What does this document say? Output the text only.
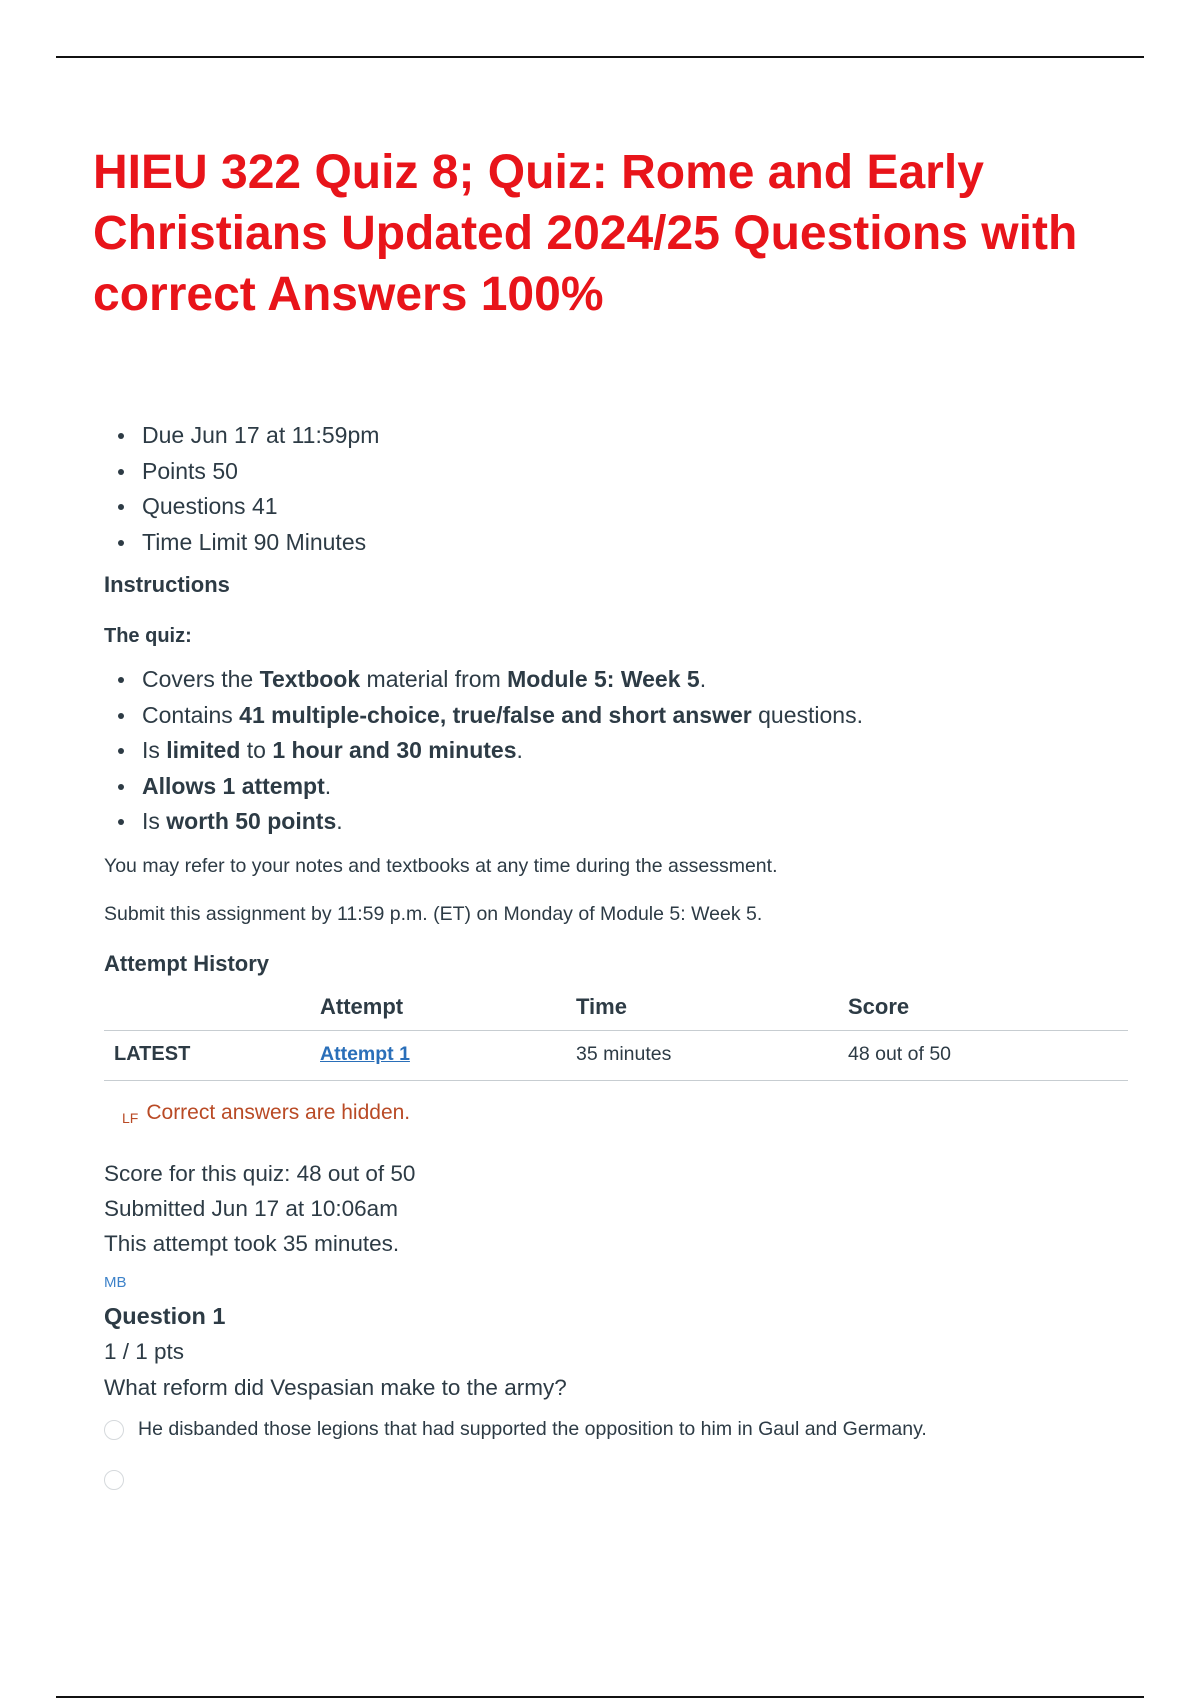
HIEU 322 Quiz 8; Quiz: Rome and Early Christians Updated 2024/25 Questions with correct Answers 100%
Due Jun 17 at 11:59pm
Points 50
Questions 41
Time Limit 90 Minutes
Instructions
The quiz:
Covers the Textbook material from Module 5: Week 5.
Contains 41 multiple-choice, true/false and short answer questions.
Is limited to 1 hour and 30 minutes.
Allows 1 attempt.
Is worth 50 points.

You may refer to your notes and textbooks at any time during the assessment.

Submit this assignment by 11:59 p.m. (ET) on Monday of Module 5: Week 5.

Attempt History
	Attempt	Time	Score
LATEST	Attempt 1	35 minutes	48 out of 50
LF Correct answers are hidden.
Score for this quiz: 48 out of 50 Submitted Jun 17 at 10:06am This attempt took 35 minutes.
MB
Question 1
1 / 1 pts
What reform did Vespasian make to the army?
He disbanded those legions that had supported the opposition to him in Gaul and Germany.
